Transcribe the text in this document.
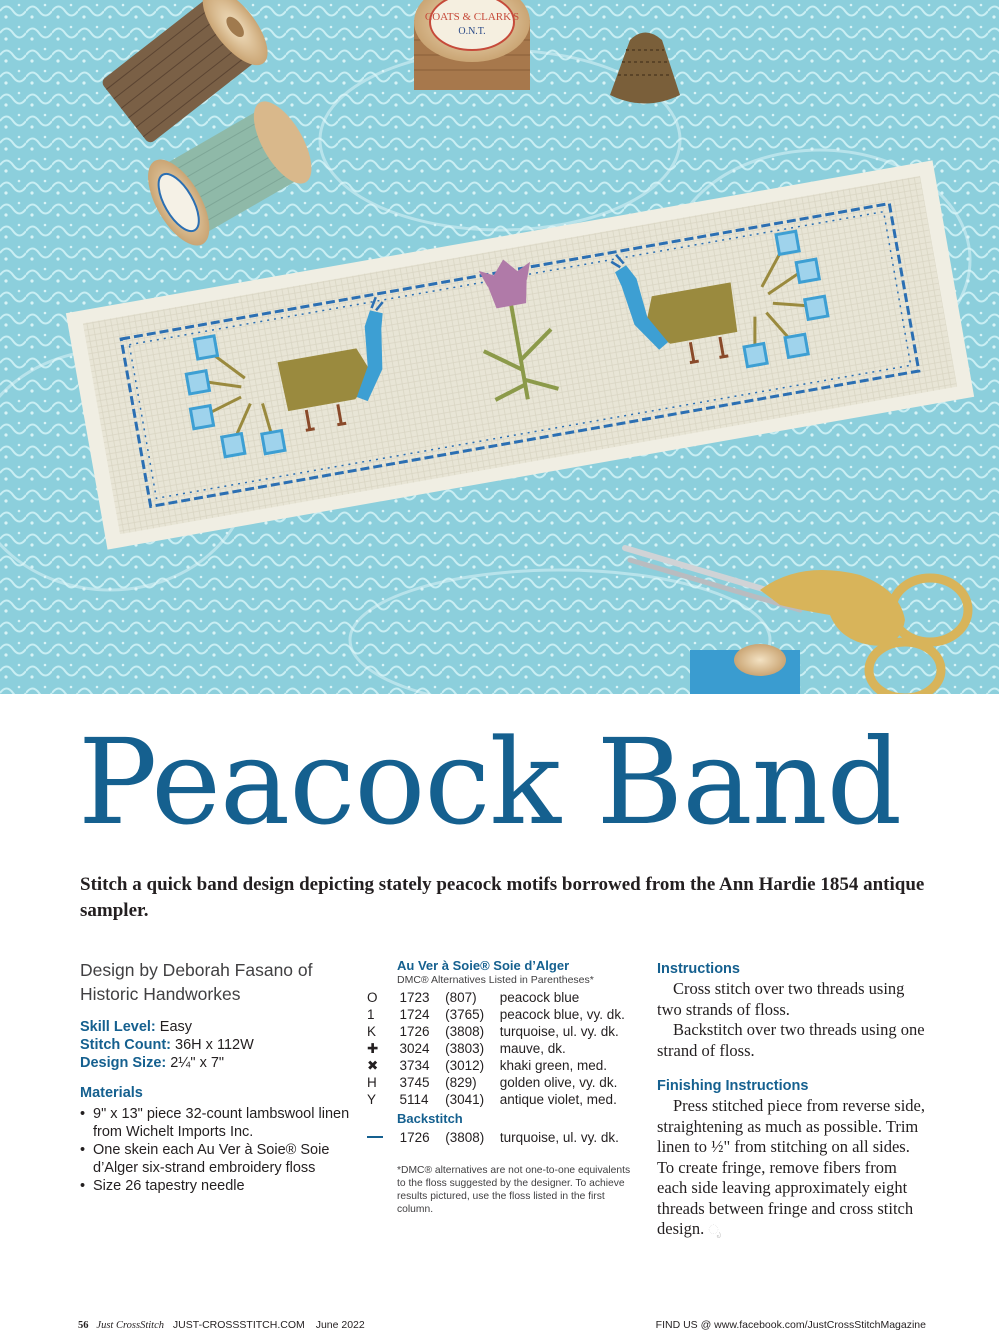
COATS & CLARK'S
O.N.T.
Peacock Band

Stitch a quick band design depicting stately peacock motifs borrowed from the Ann Hardie 1854 antique sampler.

Design by Deborah Fasano of Historic Handworkes

Skill Level: Easy

Stitch Count: 36H x 112W

Design Size: 2¼" x 7"

Materials

• 9" x 13" piece 32-count lambswool linen from Wichelt Imports Inc.
• One skein each Au Ver à Soie® Soie d’Alger six-strand embroidery floss
• Size 26 tapestry needle

Au Ver à Soie® Soie d’Alger

DMC® Alternatives Listed in Parentheses*

O	1723	(807)	peacock blue
1	1724	(3765)	peacock blue, vy. dk.
K	1726	(3808)	turquoise, ul. vy. dk.
✚	3024	(3803)	mauve, dk.
✖	3734	(3012)	khaki green, med.
H	3745	(829)	golden olive, vy. dk.
Y	5114	(3041)	antique violet, med.

Backstitch

	1726	(3808)	turquoise, ul. vy. dk.

*DMC® alternatives are not one-to-one equivalents to the floss suggested by the designer. To achieve results pictured, use the floss listed in the first column.

Instructions

Cross stitch over two threads using two strands of floss.

Backstitch over two threads using one strand of floss.

Finishing Instructions

Press stitched piece from reverse side, straightening as much as possible. Trim linen to ½" from stitching on all sides. To create fringe, remove fibers from each side leaving approximately eight threads between fringe and cross stitch design. ೃ

56 Just CrossStitch JUST-CROSSSTITCH.COM June 2022	FIND US @ www.facebook.com/JustCrossStitchMagazine
